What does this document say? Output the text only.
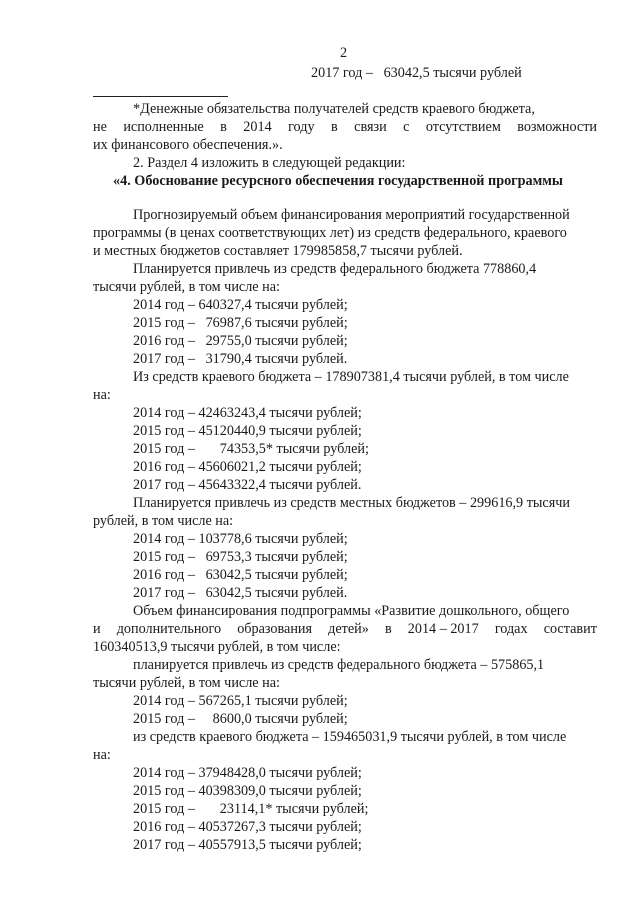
2
2017 год –   63042,5 тысячи рублей
*Денежные обязательства получателей средств краевого бюджета,
не исполненные в 2014 году в связи с отсутствием возможности
их финансового обеспечения.».
2. Раздел 4 изложить в следующей редакции:
«4. Обоснование ресурсного обеспечения государственной программы
Прогнозируемый объем финансирования мероприятий государственной
программы (в ценах соответствующих лет) из средств федерального, краевого
и местных бюджетов составляет 179985858,7 тысячи рублей.
Планируется привлечь из средств федерального бюджета 778860,4
тысячи рублей, в том числе на:
2014 год – 640327,4 тысячи рублей;
2015 год –   76987,6 тысячи рублей;
2016 год –   29755,0 тысячи рублей;
2017 год –   31790,4 тысячи рублей.
Из средств краевого бюджета – 178907381,4 тысячи рублей, в том числе
на:
2014 год – 42463243,4 тысячи рублей;
2015 год – 45120440,9 тысячи рублей;
2015 год –       74353,5* тысячи рублей;
2016 год – 45606021,2 тысячи рублей;
2017 год – 45643322,4 тысячи рублей.
Планируется привлечь из средств местных бюджетов – 299616,9 тысячи
рублей, в том числе на:
2014 год – 103778,6 тысячи рублей;
2015 год –   69753,3 тысячи рублей;
2016 год –   63042,5 тысячи рублей;
2017 год –   63042,5 тысячи рублей.
Объем финансирования подпрограммы «Развитие дошкольного, общего
и дополнительного образования детей» в 2014 – 2017 годах составит
160340513,9 тысячи рублей, в том числе:
планируется привлечь из средств федерального бюджета – 575865,1
тысячи рублей, в том числе на:
2014 год – 567265,1 тысячи рублей;
2015 год –     8600,0 тысячи рублей;
из средств краевого бюджета – 159465031,9 тысячи рублей, в том числе
на:
2014 год – 37948428,0 тысячи рублей;
2015 год – 40398309,0 тысячи рублей;
2015 год –       23114,1* тысячи рублей;
2016 год – 40537267,3 тысячи рублей;
2017 год – 40557913,5 тысячи рублей;
